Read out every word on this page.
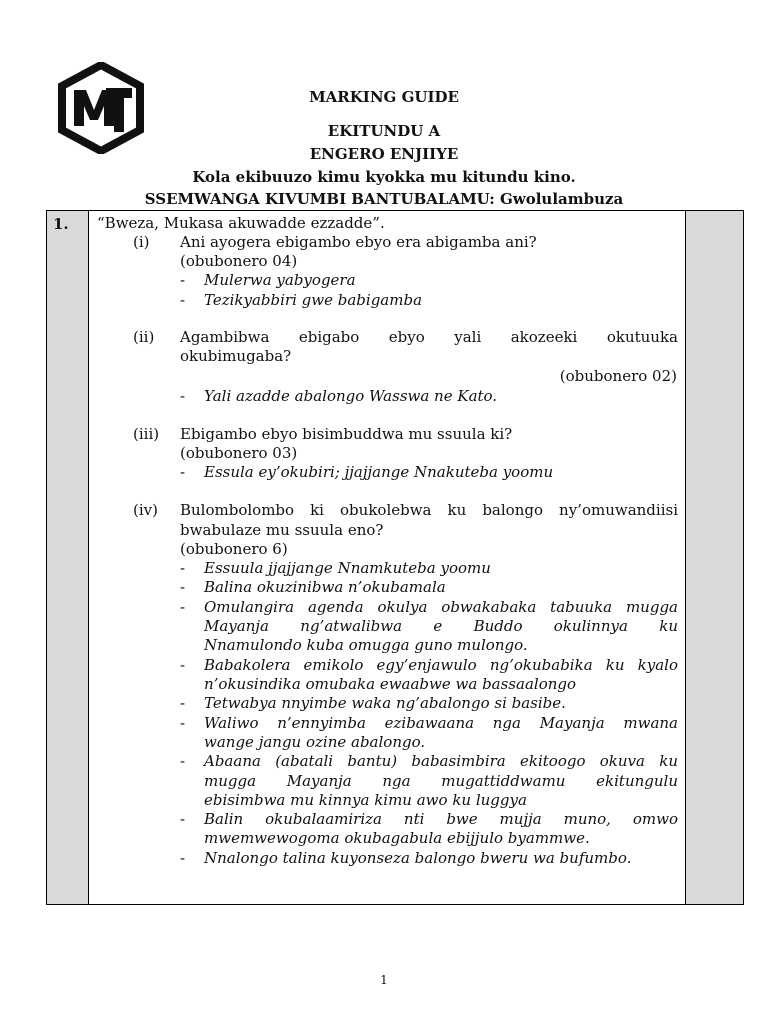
MARKING GUIDE
EKITUNDU A
ENGERO ENJIIYE
Kola ekibuuzo kimu kyokka mu kitundu kino.
SSEMWANGA KIVUMBI BANTUBALAMU: Gwolulambuza
1. “Bweza, Mukasa akuwadde ezzadde”.
(i) Ani ayogera ebigambo ebyo era abigamba ani?
(obubonero 04)
- Mulerwa yabyogera
- Tezikyabbiri gwe babigamba
(ii) Agambibwa ebigabo ebyo yali akozeeki okutuuka
okubimugaba?
(obubonero 02)
- Yali azadde abalongo Wasswa ne Kato.
(iii) Ebigambo ebyo bisimbuddwa mu ssuula ki?
(obubonero 03)
- Essula ey’okubiri; jjajjange Nnakuteba yoomu
(iv) Bulombolombo ki obukolebwa ku balongo ny’omuwandiisi
bwabulaze mu ssuula eno?
(obubonero 6)
- Essuula jjajjange Nnamkuteba yoomu
- Balina okuzinibwa n’okubamala
- Omulangira agenda okulya obwakabaka tabuuka mugga
Mayanja ng’atwalibwa e Buddo okulinnya ku
Nnamulondo kuba omugga guno mulongo.
- Babakolera emikolo egy’enjawulo ng’okubabika ku kyalo
n’okusindika omubaka ewaabwe wa bassaalongo
- Tetwabya nnyimbe waka ng’abalongo si basibe.
- Waliwo n’ennyimba ezibawaana nga Mayanja mwana
wange jangu ozine abalongo.
- Abaana (abatali bantu) babasimbira ekitoogo okuva ku
mugga Mayanja nga mugattiddwamu ekitungulu
ebisimbwa mu kinnya kimu awo ku luggya
- Balin okubalaamiriza nti bwe mujja muno, omwo
mwemwewogoma okubagabula ebijjulo byammwe.
- Nnalongo talina kuyonseza balongo bweru wa bufumbo.
1
